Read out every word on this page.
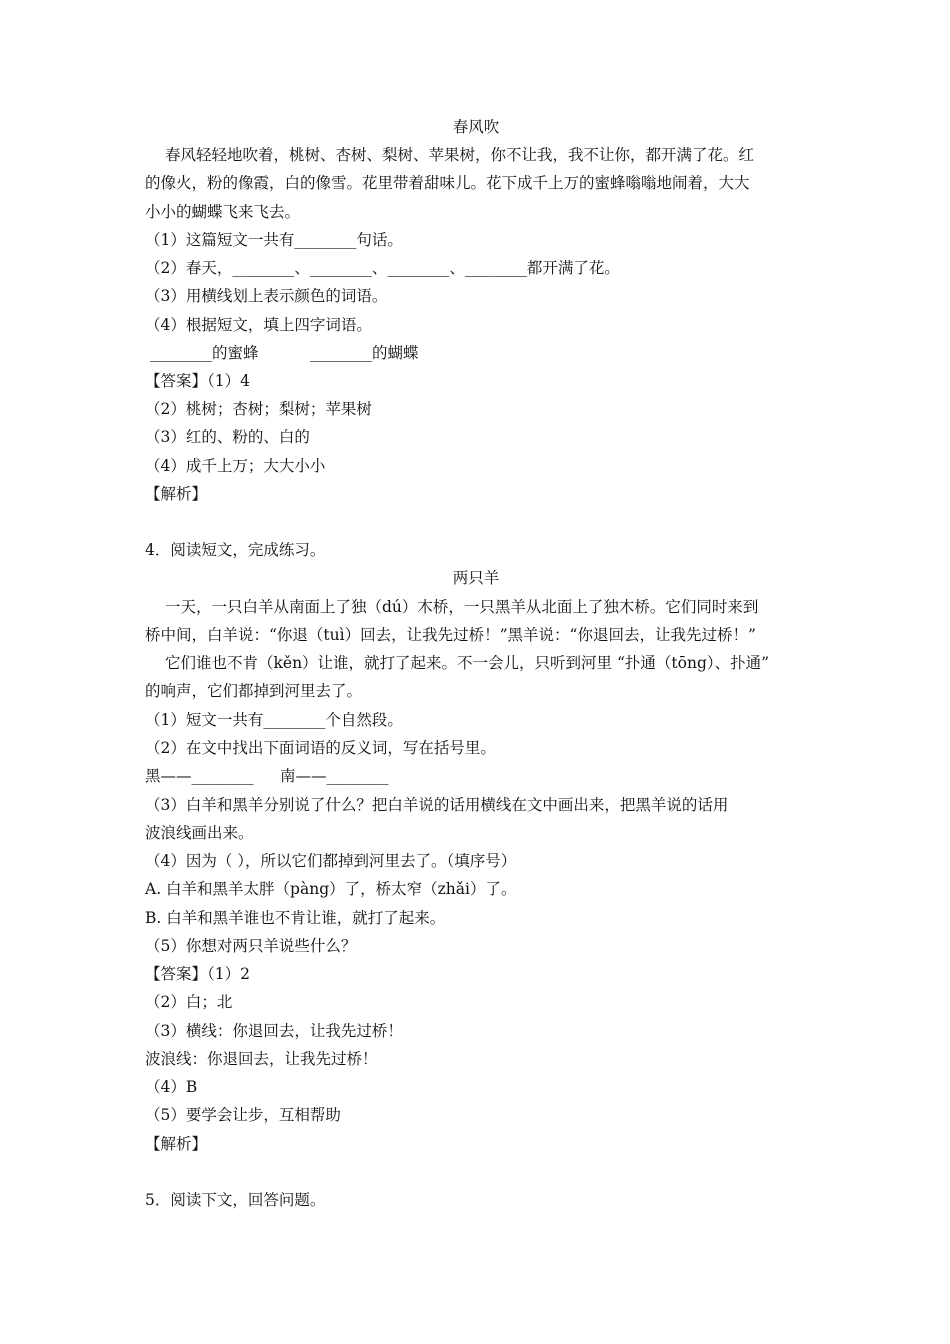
春风吹
春风轻轻地吹着，桃树、杏树、梨树、苹果树，你不让我，我不让你，都开满了花。红
的像火，粉的像霞，白的像雪。花里带着甜味儿。花下成千上万的蜜蜂嗡嗡地闹着，大大
小小的蝴蝶飞来飞去。
（1）这篇短文一共有________句话。
（2）春天，________、________、________、________都开满了花。
（3）用横线划上表示颜色的词语。
（4）根据短文，填上四字词语。
________的蜜蜂	________的蝴蝶
【答案】（1）4
（2）桃树；杏树；梨树；苹果树
（3）红的、粉的、白的
（4）成千上万；大大小小
【解析】
4．阅读短文，完成练习。
两只羊
一天，一只白羊从南面上了独（dú）木桥，一只黑羊从北面上了独木桥。它们同时来到
桥中间，白羊说：“你退（tuì）回去，让我先过桥！”黑羊说：“你退回去，让我先过桥！”
它们谁也不肯（kěn）让谁，就打了起来。不一会儿，只听到河里 “扑通（tōng）、扑通”
的响声，它们都掉到河里去了。
（1）短文一共有________个自然段。
（2）在文中找出下面词语的反义词，写在括号里。
黑——________ 南——________
（3）白羊和黑羊分别说了什么？把白羊说的话用横线在文中画出来，把黑羊说的话用
波浪线画出来。
（4）因为（ ），所以它们都掉到河里去了。（填序号）
A. 白羊和黑羊太胖（pàng）了，桥太窄（zhǎi）了。
B. 白羊和黑羊谁也不肯让谁，就打了起来。
（5）你想对两只羊说些什么？
【答案】（1）2
（2）白；北
（3）横线：你退回去，让我先过桥！
波浪线：你退回去，让我先过桥！
（4）B
（5）要学会让步，互相帮助
【解析】
5．阅读下文，回答问题。
